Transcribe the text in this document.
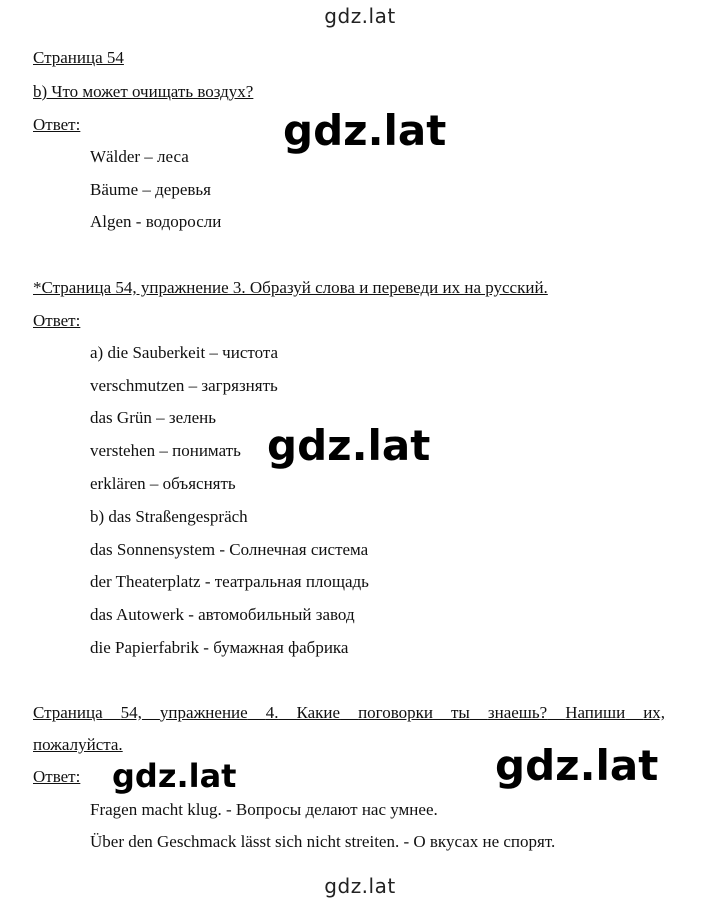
gdz.lat
Страница 54
b) Что может очищать воздух?
Ответ:
Wälder – леса
Bäume – деревья
Algen - водоросли
gdz.lat
*Страница 54, упражнение 3. Образуй слова и переведи их на русский.
Ответ:
a) die Sauberkeit – чистота
verschmutzen – загрязнять
das Grün – зелень
verstehen – понимать
erklären – объяснять
b) das Straßengespräch
das Sonnensystem - Солнечная система
der Theaterplatz - театральная площадь
das Autowerk - автомобильный завод
die Papierfabrik - бумажная фабрика
gdz.lat
Страница 54, упражнение 4. Какие поговорки ты знаешь? Напиши их,
пожалуйста.
Ответ:
Fragen macht klug. - Вопросы делают нас умнее.
Über den Geschmack lässt sich nicht streiten. - О вкусах не спорят.
gdz.lat	gdz.lat
gdz.lat
